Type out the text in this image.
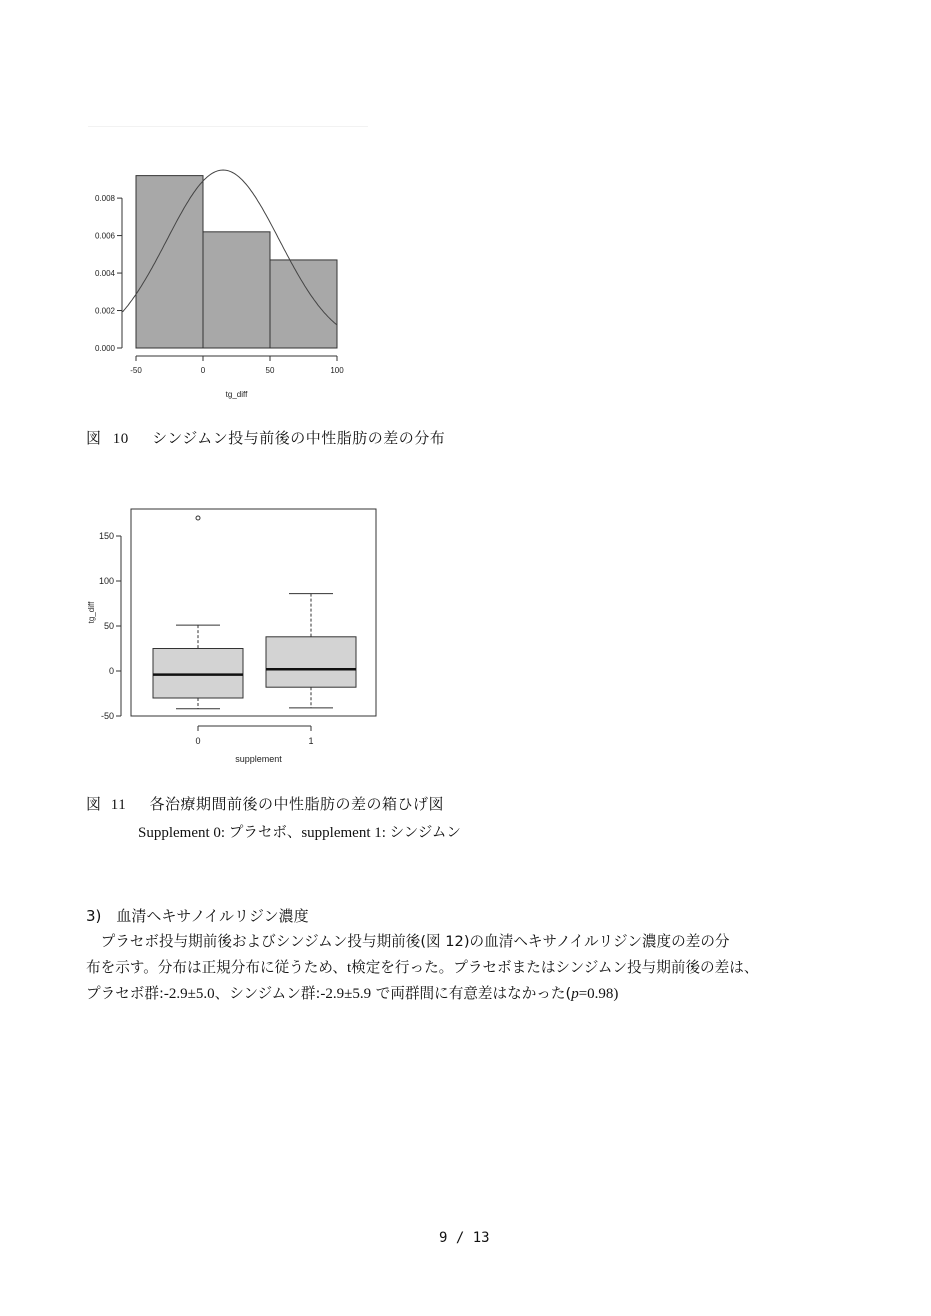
0.000
0.002
0.004
0.006
0.008
-50	0	50	100
tg_diff
図 10 シンジムン投与前後の中性脂肪の差の分布
-50
0
50
100
150
tg_diff
0	1
supplement
図 11 各治療期間前後の中性脂肪の差の箱ひげ図
Supplement 0: プラセボ、supplement 1: シンジムン
3)　血清ヘキサノイルリジン濃度
　プラセボ投与期前後およびシンジムン投与期前後(図 12)の血清ヘキサノイルリジン濃度の差の分
布を示す。分布は正規分布に従うため、t検定を行った。プラセボまたはシンジムン投与期前後の差は、
プラセボ群:-2.9±5.0、シンジムン群:-2.9±5.9 で両群間に有意差はなかった(p=0.98)
9 / 13
